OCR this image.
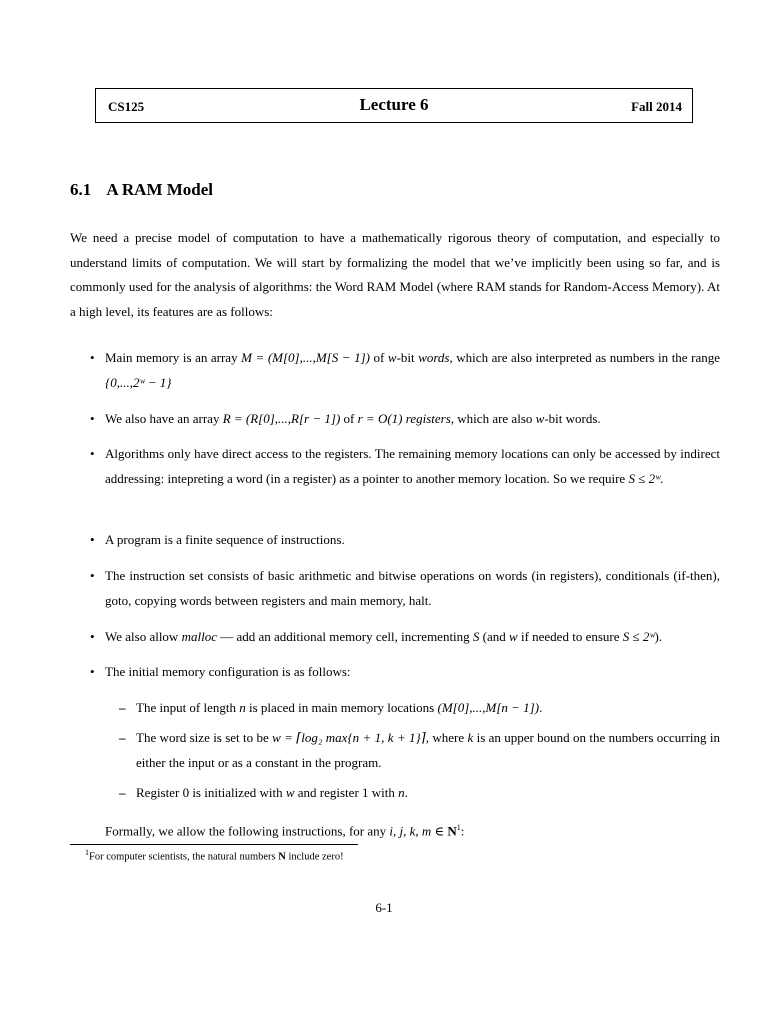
CS125	Lecture 6	Fall 2014
6.1 A RAM Model
We need a precise model of computation to have a mathematically rigorous theory of computation, and especially to understand limits of computation. We will start by formalizing the model that we’ve implicitly been using so far, and is commonly used for the analysis of algorithms: the Word RAM Model (where RAM stands for Random-Access Memory). At a high level, its features are as follows:
• Main memory is an array M = (M[0],...,M[S − 1]) of w-bit words, which are also interpreted as numbers in the range {0,...,2ʷ − 1}
• We also have an array R = (R[0],...,R[r − 1]) of r = O(1) registers, which are also w-bit words.
• Algorithms only have direct access to the registers. The remaining memory locations can only be accessed by indirect addressing: intepreting a word (in a register) as a pointer to another memory location. So we require S ≤ 2ʷ.
• A program is a finite sequence of instructions.
• The instruction set consists of basic arithmetic and bitwise operations on words (in registers), conditionals (if-then), goto, copying words between registers and main memory, halt.
• We also allow malloc — add an additional memory cell, incrementing S (and w if needed to ensure S ≤ 2ʷ).
• The initial memory configuration is as follows:
– The input of length n is placed in main memory locations (M[0],...,M[n − 1]).
– The word size is set to be w = ⌈log₂ max{n + 1, k + 1}⌉, where k is an upper bound on the numbers occurring in either the input or as a constant in the program.
– Register 0 is initialized with w and register 1 with n.
Formally, we allow the following instructions, for any i, j, k, m ∈ $N^1$:
$^1$For computer scientists, the natural numbers N include zero!
6-1
